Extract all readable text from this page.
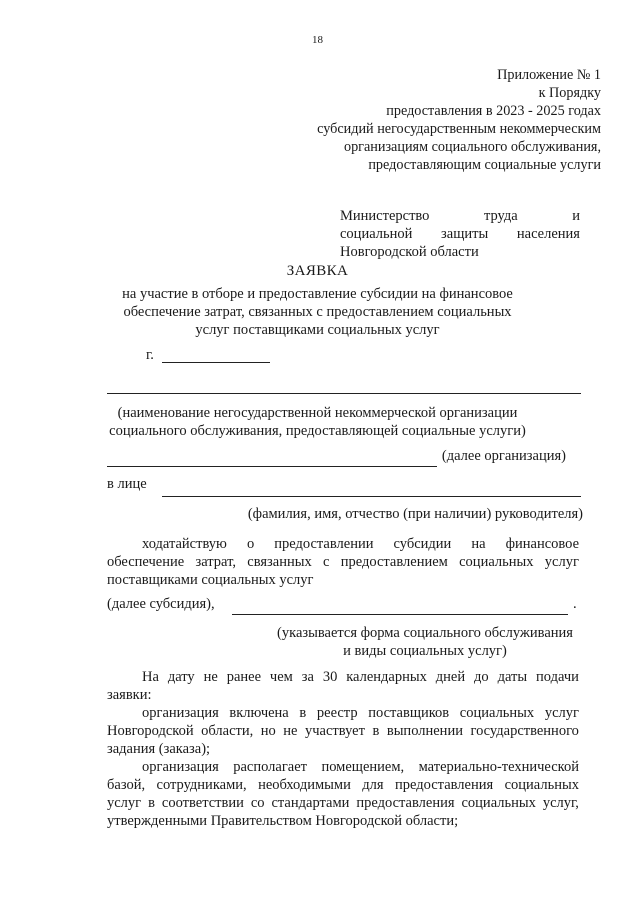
18
Приложение № 1
к Порядку
предоставления в 2023 - 2025 годах
субсидий негосударственным некоммерческим
организациям социального обслуживания,
предоставляющим социальные услуги
Министерство	труда	и
социальной защиты населения
Новгородской области
ЗАЯВКА
на участие в отборе и предоставление субсидии на финансовое
обеспечение затрат, связанных с предоставлением социальных
услуг поставщиками социальных услуг
г.
(наименование негосударственной некоммерческой организации
социального обслуживания, предоставляющей социальные услуги)
(далее организация)
в лице
(фамилия, имя, отчество (при наличии) руководителя)
ходатайствую о предоставлении субсидии на финансовое
обеспечение затрат, связанных с предоставлением социальных услуг
поставщиками социальных услуг
(далее субсидия),	.
(указывается форма социального обслуживания
и виды социальных услуг)
На дату не ранее чем за 30 календарных дней до даты подачи
заявки:
организация включена в реестр поставщиков социальных услуг
Новгородской области, но не участвует в выполнении государственного
задания (заказа);
организация располагает помещением, материально-технической
базой, сотрудниками, необходимыми для предоставления социальных
услуг в соответствии со стандартами предоставления социальных услуг,
утвержденными Правительством Новгородской области;
